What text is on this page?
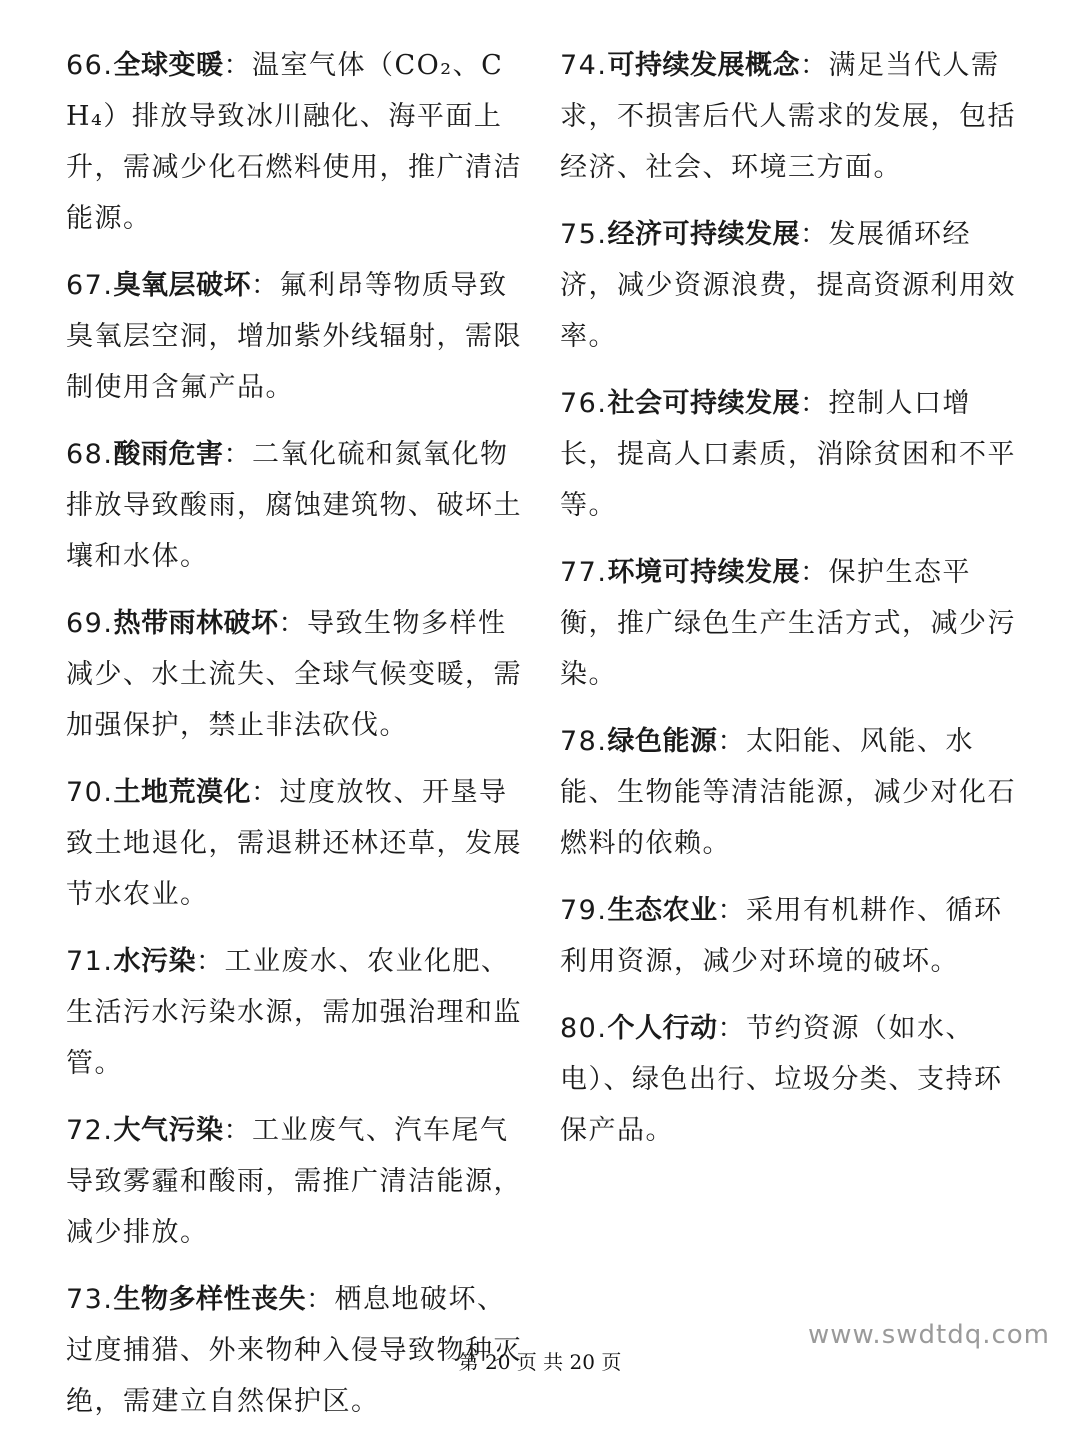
66.全球变暖：温室气体（CO₂、CH₄）排放导致冰川融化、海平面上升，需减少化石燃料使用，推广清洁能源。

67.臭氧层破坏：氟利昂等物质导致臭氧层空洞，增加紫外线辐射，需限制使用含氟产品。

68.酸雨危害：二氧化硫和氮氧化物排放导致酸雨，腐蚀建筑物、破坏土壤和水体。

69.热带雨林破坏：导致生物多样性减少、水土流失、全球气候变暖，需加强保护，禁止非法砍伐。

70.土地荒漠化：过度放牧、开垦导致土地退化，需退耕还林还草，发展节水农业。

71.水污染：工业废水、农业化肥、生活污水污染水源，需加强治理和监管。

72.大气污染：工业废气、汽车尾气导致雾霾和酸雨，需推广清洁能源，减少排放。

73.生物多样性丧失：栖息地破坏、过度捕猎、外来物种入侵导致物种灭绝，需建立自然保护区。

74.可持续发展概念：满足当代人需求，不损害后代人需求的发展，包括经济、社会、环境三方面。

75.经济可持续发展：发展循环经济，减少资源浪费，提高资源利用效率。

76.社会可持续发展：控制人口增长，提高人口素质，消除贫困和不平等。

77.环境可持续发展：保护生态平衡，推广绿色生产生活方式，减少污染。

78.绿色能源：太阳能、风能、水能、生物能等清洁能源，减少对化石燃料的依赖。

79.生态农业：采用有机耕作、循环利用资源，减少对环境的破坏。

80.个人行动：节约资源（如水、电）、绿色出行、垃圾分类、支持环保产品。

www.swdtdq.com
第 20 页 共 20 页
